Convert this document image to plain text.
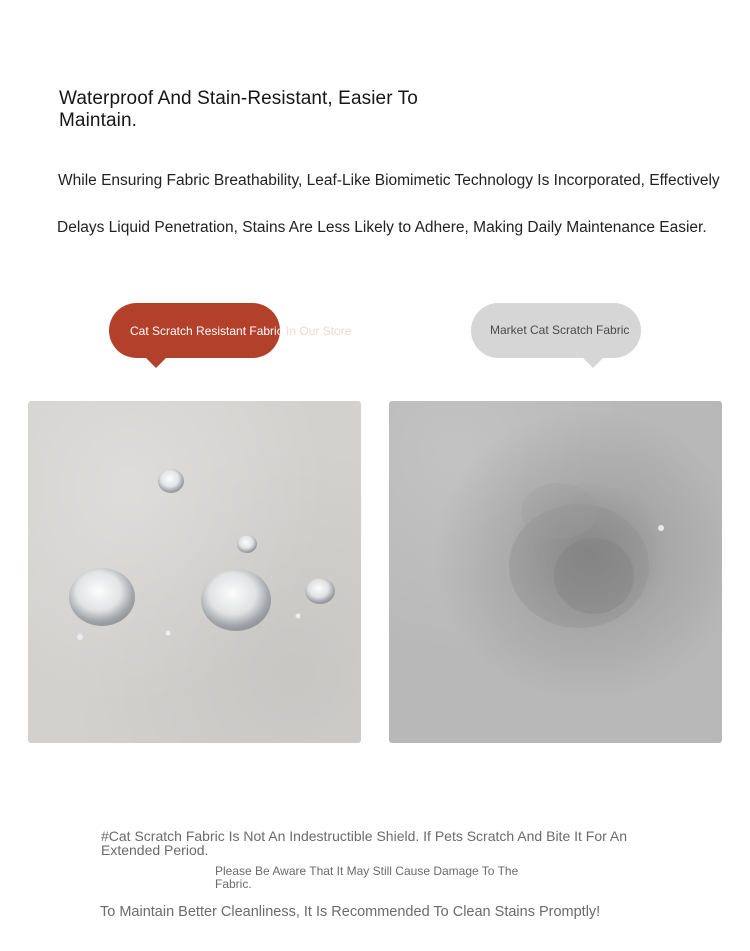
Waterproof And Stain-Resistant, Easier To Maintain.
While Ensuring Fabric Breathability, Leaf-Like Biomimetic Technology Is Incorporated, Effectively
Delays Liquid Penetration, Stains Are Less Likely to Adhere, Making Daily Maintenance Easier.
Cat Scratch Resistant Fabric In Our Store	Market Cat Scratch Fabric
#Cat Scratch Fabric Is Not An Indestructible Shield. If Pets Scratch And Bite It For An Extended Period.
Please Be Aware That It May Still Cause Damage To The Fabric.
To Maintain Better Cleanliness, It Is Recommended To Clean Stains Promptly!
